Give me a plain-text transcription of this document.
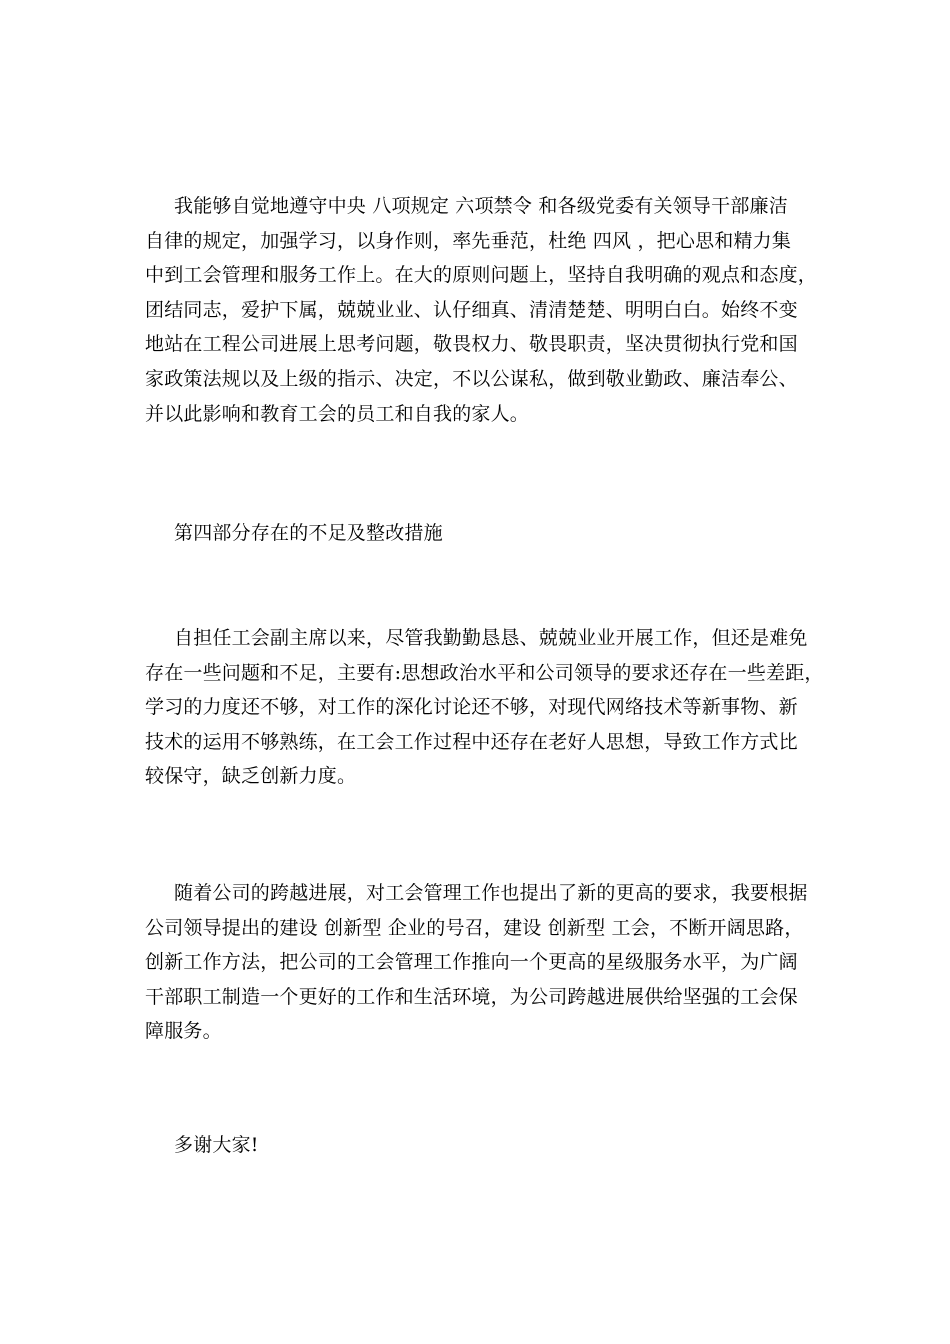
我能够自觉地遵守中央 八项规定 六项禁令 和各级党委有关领导干部廉洁
自律的规定，加强学习，以身作则，率先垂范，杜绝 四风 ，把心思和精力集
中到工会管理和服务工作上。在大的原则问题上，坚持自我明确的观点和态度，
团结同志，爱护下属，兢兢业业、认仔细真、清清楚楚、明明白白。始终不变
地站在工程公司进展上思考问题，敬畏权力、敬畏职责，坚决贯彻执行党和国
家政策法规以及上级的指示、决定，不以公谋私，做到敬业勤政、廉洁奉公、
并以此影响和教育工会的员工和自我的家人。
第四部分存在的不足及整改措施
自担任工会副主席以来，尽管我勤勤恳恳、兢兢业业开展工作，但还是难免
存在一些问题和不足，主要有:思想政治水平和公司领导的要求还存在一些差距，
学习的力度还不够，对工作的深化讨论还不够，对现代网络技术等新事物、新
技术的运用不够熟练，在工会工作过程中还存在老好人思想，导致工作方式比
较保守，缺乏创新力度。
随着公司的跨越进展，对工会管理工作也提出了新的更高的要求，我要根据
公司领导提出的建设 创新型 企业的号召，建设 创新型 工会，不断开阔思路，
创新工作方法，把公司的工会管理工作推向一个更高的星级服务水平，为广阔
干部职工制造一个更好的工作和生活环境，为公司跨越进展供给坚强的工会保
障服务。
多谢大家!
